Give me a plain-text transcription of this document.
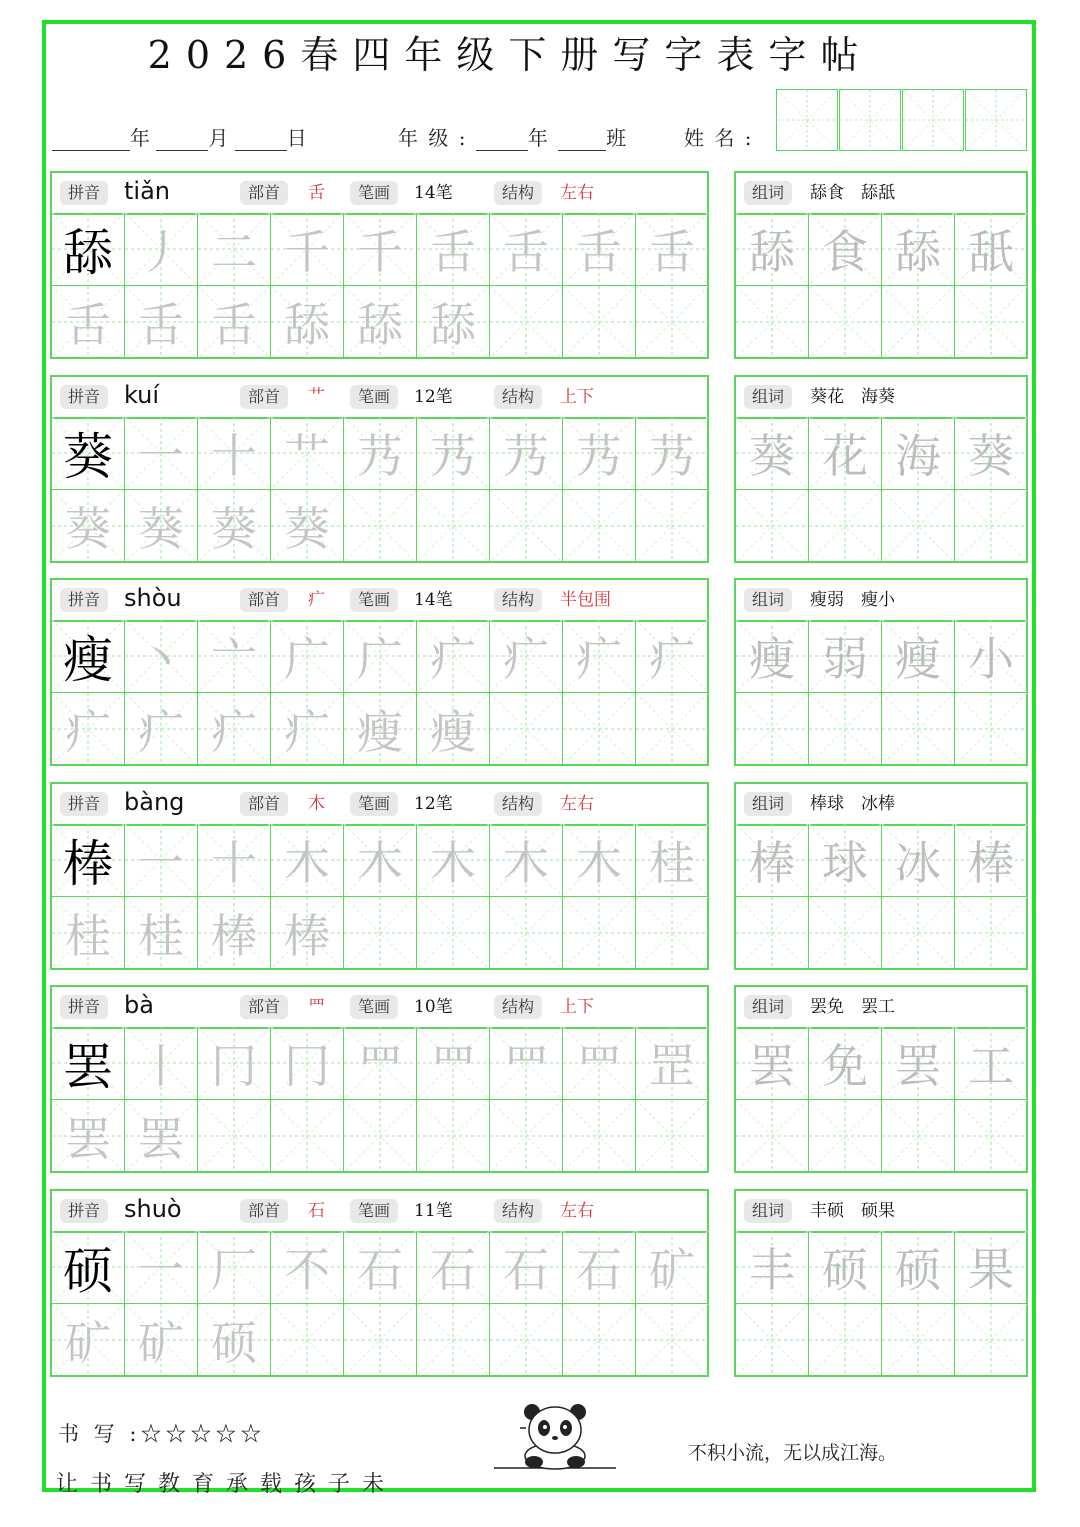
2026春四年级下册写字表字帖
年	月	日	年 级 :	年	班	姓 名 :
拼音 tiǎn	部首	舌	笔画	14笔	结构	左右
舔 丿 二 千 千 舌 舌 舌 舌
舌 舌 舌 舔 舔 舔
组词	舔食　舔舐
舔 食 舔 舐
拼音 kuí	部首	艹	笔画	12笔	结构	上下
葵 一 十 艹 艿 艿 艿 艿 艿
葵 葵 葵 葵
组词	葵花　海葵
葵 花 海 葵
拼音 shòu	部首	疒	笔画	14笔	结构	半包围
瘦 丶 亠 广 广 疒 疒 疒 疒
疒 疒 疒 疒 瘦 瘦
组词	瘦弱　瘦小
瘦 弱 瘦 小
拼音 bàng	部首	木	笔画	12笔	结构	左右
棒 一 十 木 木 木 木 木 桂
桂 桂 棒 棒
组词	棒球　冰棒
棒 球 冰 棒
拼音 bà	部首	罒	笔画	10笔	结构	上下
罢 丨 冂 冂 罒 罒 罒 罒 罡
罢 罢
组词	罢免　罢工
罢 免 罢 工
拼音 shuò	部首	石	笔画	11笔	结构	左右
硕 一 厂 不 石 石 石 石 矿
矿 矿 硕
组词	丰硕　硕果
丰 硕 硕 果
书 写 :☆☆☆☆☆
让书写教育承载孩子未
不积小流，无以成江海。
